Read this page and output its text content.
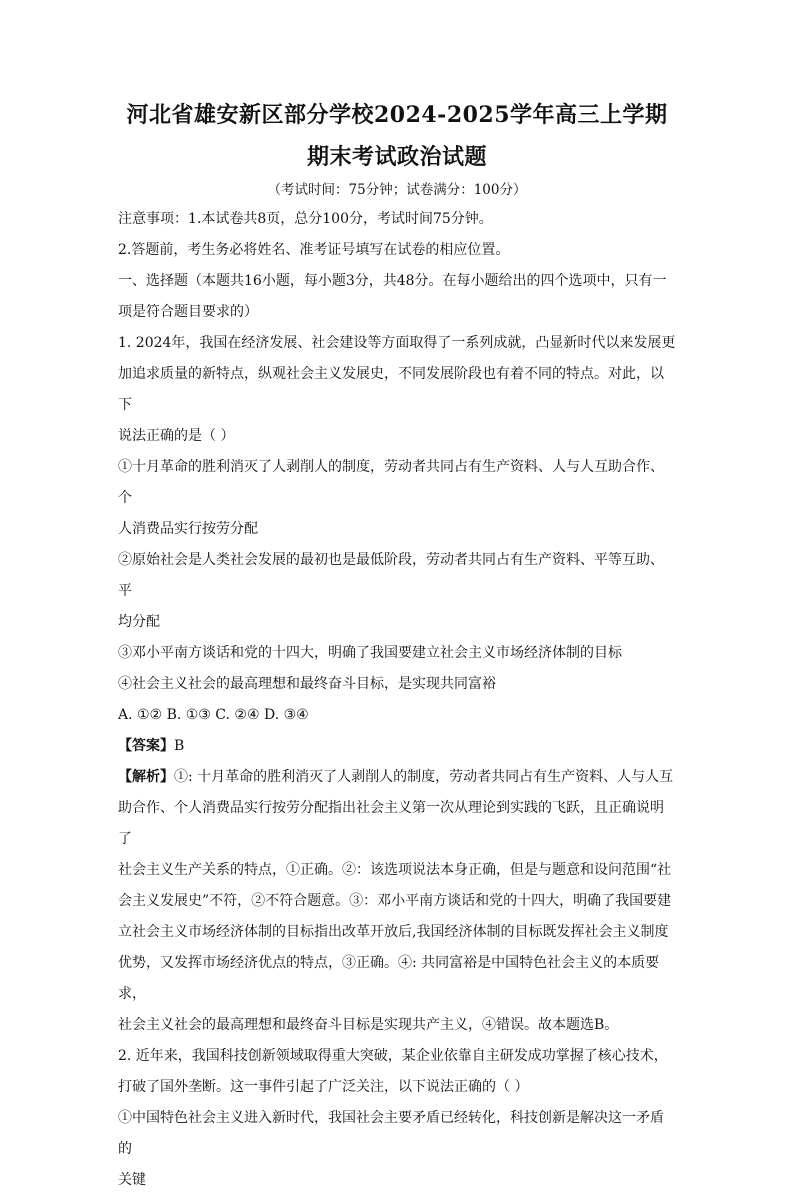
河北省雄安新区部分学校2024-2025学年高三上学期
期末考试政治试题
（考试时间：75分钟；试卷满分：100分）
注意事项：1.本试卷共8页，总分100分，考试时间75分钟。
2.答题前，考生务必将姓名、准考证号填写在试卷的相应位置。
一、选择题（本题共16小题，每小题3分，共48分。在每小题给出的四个选项中，只有一
项是符合题目要求的）
1. 2024年，我国在经济发展、社会建设等方面取得了一系列成就，凸显新时代以来发展更
加追求质量的新特点，纵观社会主义发展史，不同发展阶段也有着不同的特点。对此，以下
说法正确的是（ ）
①十月革命的胜利消灭了人剥削人的制度，劳动者共同占有生产资料、人与人互助合作、个
人消费品实行按劳分配
②原始社会是人类社会发展的最初也是最低阶段，劳动者共同占有生产资料、平等互助、平
均分配
③邓小平南方谈话和党的十四大，明确了我国要建立社会主义市场经济体制的目标
④社会主义社会的最高理想和最终奋斗目标，是实现共同富裕
A. ①② B. ①③ C. ②④ D. ③④
【答案】B
【解析】①: 十月革命的胜利消灭了人剥削人的制度，劳动者共同占有生产资料、人与人互
助合作、个人消费品实行按劳分配指出社会主义第一次从理论到实践的飞跃，且正确说明了
社会主义生产关系的特点，①正确。②：该选项说法本身正确，但是与题意和设问范围“社
会主义发展史”不符，②不符合题意。③：邓小平南方谈话和党的十四大，明确了我国要建
立社会主义市场经济体制的目标指出改革开放后,我国经济体制的目标既发挥社会主义制度
优势，又发挥市场经济优点的特点，③正确。④: 共同富裕是中国特色社会主义的本质要求，
社会主义社会的最高理想和最终奋斗目标是实现共产主义，④错误。故本题选B。
2. 近年来，我国科技创新领域取得重大突破，某企业依靠自主研发成功掌握了核心技术，
打破了国外垄断。这一事件引起了广泛关注，以下说法正确的（ ）
①中国特色社会主义进入新时代，我国社会主要矛盾已经转化，科技创新是解决这一矛盾的
关键
